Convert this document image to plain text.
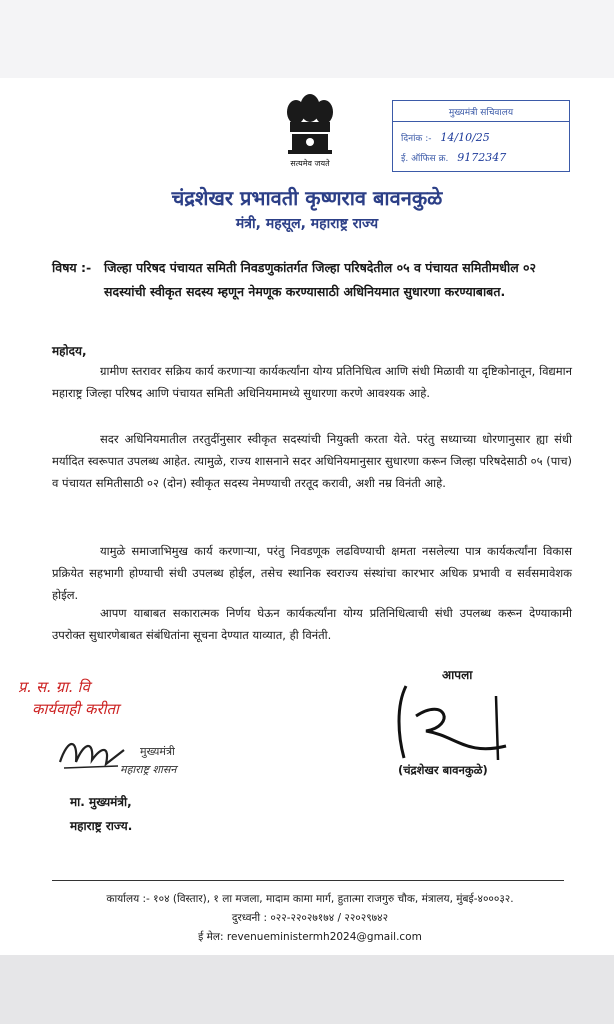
सत्यमेव जयते
मुख्यमंत्री सचिवालय
दिनांक :- 14/10/25
ई. ऑफिस क्र. 9172347
चंद्रशेखर प्रभावती कृष्णराव बावनकुळे
मंत्री, महसूल, महाराष्ट्र राज्य
विषय :- जिल्हा परिषद पंचायत समिती निवडणुकांतर्गत जिल्हा परिषदेतील ०५ व पंचायत समितीमधील ०२ सदस्यांची स्वीकृत सदस्य म्हणून नेमणूक करण्यासाठी अधिनियमात सुधारणा करण्याबाबत.
महोदय,
ग्रामीण स्तरावर सक्रिय कार्य करणाऱ्या कार्यकर्त्यांना योग्य प्रतिनिधित्व आणि संधी मिळावी या दृष्टिकोनातून, विद्यमान महाराष्ट्र जिल्हा परिषद आणि पंचायत समिती अधिनियमामध्ये सुधारणा करणे आवश्यक आहे.
सदर अधिनियमातील तरतुदींनुसार स्वीकृत सदस्यांची नियुक्ती करता येते. परंतु सध्याच्या धोरणानुसार ह्या संधी मर्यादित स्वरूपात उपलब्ध आहेत. त्यामुळे, राज्य शासनाने सदर अधिनियमानुसार सुधारणा करून जिल्हा परिषदेसाठी ०५ (पाच) व पंचायत समितीसाठी ०२ (दोन) स्वीकृत सदस्य नेमण्याची तरतूद करावी, अशी नम्र विनंती आहे.
यामुळे समाजाभिमुख कार्य करणाऱ्या, परंतु निवडणूक लढविण्याची क्षमता नसलेल्या पात्र कार्यकर्त्यांना विकास प्रक्रियेत सहभागी होण्याची संधी उपलब्ध होईल, तसेच स्थानिक स्वराज्य संस्थांचा कारभार अधिक प्रभावी व सर्वसमावेशक होईल.
आपण याबाबत सकारात्मक निर्णय घेऊन कार्यकर्त्यांना योग्य प्रतिनिधित्वाची संधी उपलब्ध करून देण्याकामी उपरोक्त सुधारणेबाबत संबंधितांना सूचना देण्यात याव्यात, ही विनंती.
आपला
(चंद्रशेखर बावनकुळे)
प्र. स. ग्रा. वि
कार्यवाही करीता
मुख्यमंत्री
महाराष्ट्र शासन
मा. मुख्यमंत्री,
महाराष्ट्र राज्य.
कार्यालय :- १०४ (विस्तार), १ ला मजला, मादाम कामा मार्ग, हुतात्मा राजगुरु चौक, मंत्रालय, मुंबई-४०००३२.
दुरध्वनी : ०२२-२२०२७१७४ / २२०२९७४२
ई मेल: revenueministermh2024@gmail.com
